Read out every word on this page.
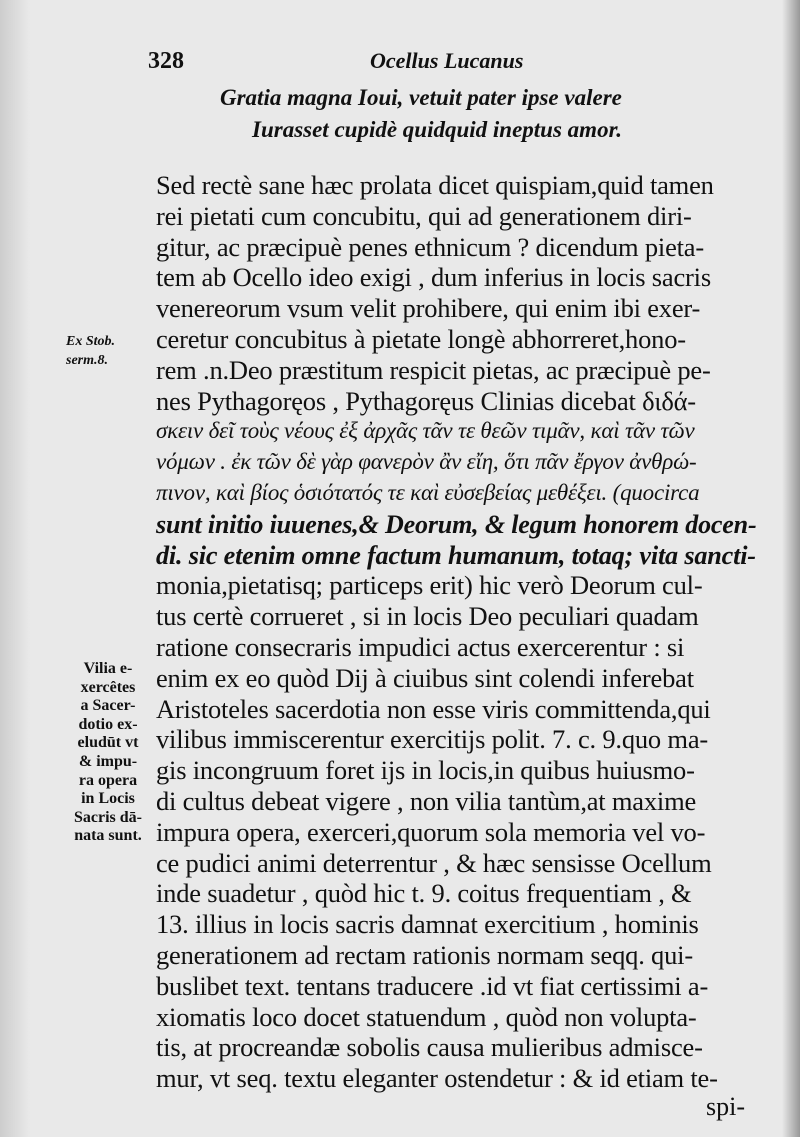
328	Ocellus Lucanus
Gratia magna Ioui, vetuit pater ipse valere
Iurasset cupidè quidquid ineptus amor.
Ex Stob.
serm.8.
Vilia e-
xercêtes
a Sacer-
dotio ex-
eludūt vt
& impu-
ra opera
in Locis
Sacris dā-
nata sunt.
Sed rectè sane hæc prolata dicet quispiam,quid tamen
rei pietati cum concubitu, qui ad generationem diri-
gitur, ac præcipuè penes ethnicum ? dicendum pieta-
tem ab Ocello ideo exigi , dum inferius in locis sacris
venereorum vsum velit prohibere, qui enim ibi exer-
ceretur concubitus à pietate longè abhorreret,hono-
rem .n.Deo præstitum respicit pietas, ac præcipuè pe-
nes Pythagoręos , Pythagoręus Clinias dicebat διδά-
σκειν δεῖ τοὺς νέους ἐξ ἀρχᾶς τᾶν τε θεῶν τιμᾶν, καὶ τᾶν τῶν
νόμων . ἐκ τῶν δὲ γὰρ φανερὸν ἂν εἴη, ὅτι πᾶν ἔργον ἀνθρώ-
πινον, καὶ βίος ὁσιότατός τε καὶ εὐσεβείας μεθέξει. (quocirca
sunt initio iuuenes,& Deorum, & legum honorem docen-
di. sic etenim omne factum humanum, totaq; vita sancti-
monia,pietatisq; particeps erit) hic verò Deorum cul-
tus certè corrueret , si in locis Deo peculiari quadam
ratione consecraris impudici actus exercerentur : si
enim ex eo quòd Dij à ciuibus sint colendi inferebat
Aristoteles sacerdotia non esse viris committenda,qui
vilibus immiscerentur exercitijs polit. 7. c. 9.quo ma-
gis incongruum foret ijs in locis,in quibus huiusmo-
di cultus debeat vigere , non vilia tantùm,at maxime
impura opera, exerceri,quorum sola memoria vel vo-
ce pudici animi deterrentur , & hæc sensisse Ocellum
inde suadetur , quòd hic t. 9. coitus frequentiam , &
13. illius in locis sacris damnat exercitium , hominis
generationem ad rectam rationis normam seqq. qui-
buslibet text. tentans traducere .id vt fiat certissimi a-
xiomatis loco docet statuendum , quòd non volupta-
tis, at procreandæ sobolis causa mulieribus admisce-
mur, vt seq. textu eleganter ostendetur : & id etiam te-
spi-
